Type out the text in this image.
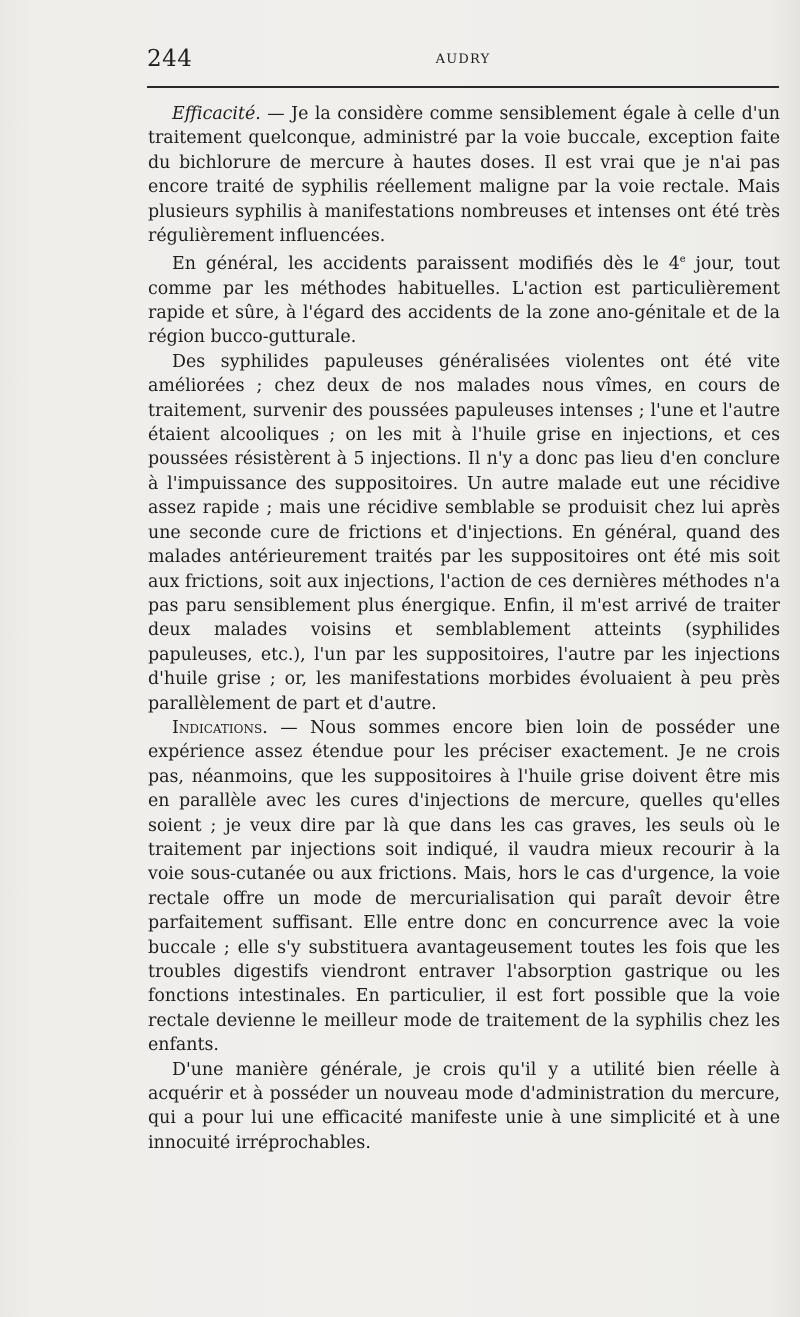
244	AUDRY

Efficacité. — Je la considère comme sensiblement égale à celle d'un traitement quelconque, administré par la voie buccale, exception faite du bichlorure de mercure à hautes doses. Il est vrai que je n'ai pas encore traité de syphilis réellement maligne par la voie rectale. Mais plusieurs syphilis à manifestations nombreuses et intenses ont été très régulièrement influencées.

En général, les accidents paraissent modifiés dès le 4e jour, tout comme par les méthodes habituelles. L'action est particulièrement rapide et sûre, à l'égard des accidents de la zone ano-génitale et de la région bucco-gutturale.

Des syphilides papuleuses généralisées violentes ont été vite améliorées ; chez deux de nos malades nous vîmes, en cours de traitement, survenir des poussées papuleuses intenses ; l'une et l'autre étaient alcooliques ; on les mit à l'huile grise en injections, et ces poussées résistèrent à 5 injections. Il n'y a donc pas lieu d'en conclure à l'impuissance des suppositoires. Un autre malade eut une récidive assez rapide ; mais une récidive semblable se produisit chez lui après une seconde cure de frictions et d'injections. En général, quand des malades antérieurement traités par les suppositoires ont été mis soit aux frictions, soit aux injections, l'action de ces dernières méthodes n'a pas paru sensiblement plus énergique. Enfin, il m'est arrivé de traiter deux malades voisins et semblablement atteints (syphilides papuleuses, etc.), l'un par les suppositoires, l'autre par les injections d'huile grise ; or, les manifestations morbides évoluaient à peu près parallèlement de part et d'autre.

Indications. — Nous sommes encore bien loin de posséder une expérience assez étendue pour les préciser exactement. Je ne crois pas, néanmoins, que les suppositoires à l'huile grise doivent être mis en parallèle avec les cures d'injections de mercure, quelles qu'elles soient ; je veux dire par là que dans les cas graves, les seuls où le traitement par injections soit indiqué, il vaudra mieux recourir à la voie sous-cutanée ou aux frictions. Mais, hors le cas d'urgence, la voie rectale offre un mode de mercurialisation qui paraît devoir être parfaitement suffisant. Elle entre donc en concurrence avec la voie buccale ; elle s'y substituera avantageusement toutes les fois que les troubles digestifs viendront entraver l'absorption gastrique ou les fonctions intestinales. En particulier, il est fort possible que la voie rectale devienne le meilleur mode de traitement de la syphilis chez les enfants.

D'une manière générale, je crois qu'il y a utilité bien réelle à acquérir et à posséder un nouveau mode d'administration du mercure, qui a pour lui une efficacité manifeste unie à une simplicité et à une innocuité irréprochables.
